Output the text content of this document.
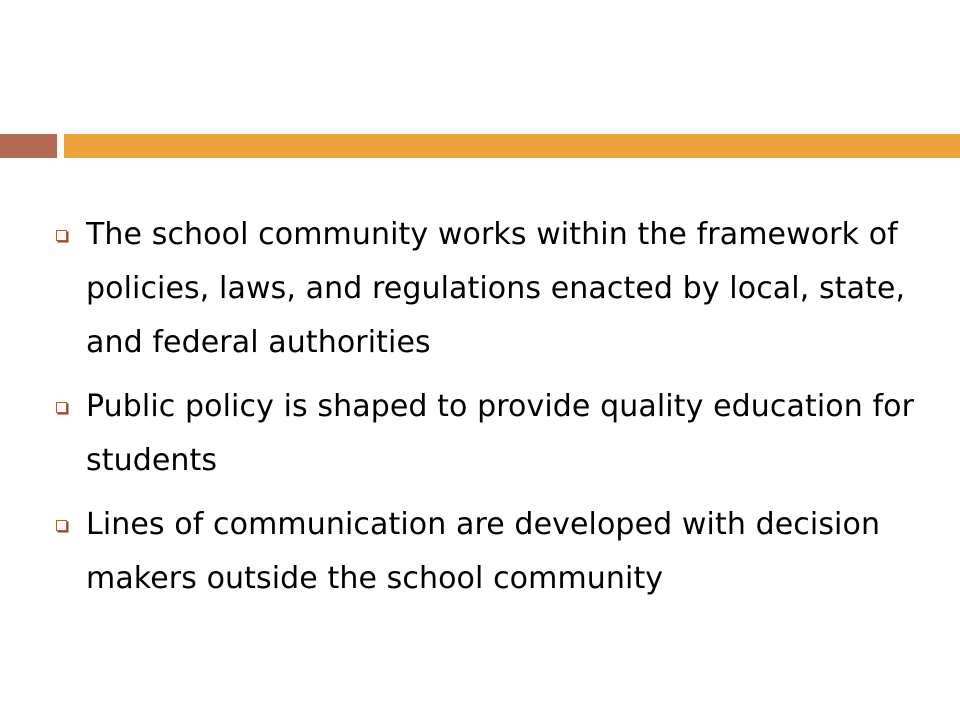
The school community works within the framework of policies, laws, and regulations enacted by local, state, and federal authorities
Public policy is shaped to provide quality education for students
Lines of communication are developed with decision makers outside the school community
